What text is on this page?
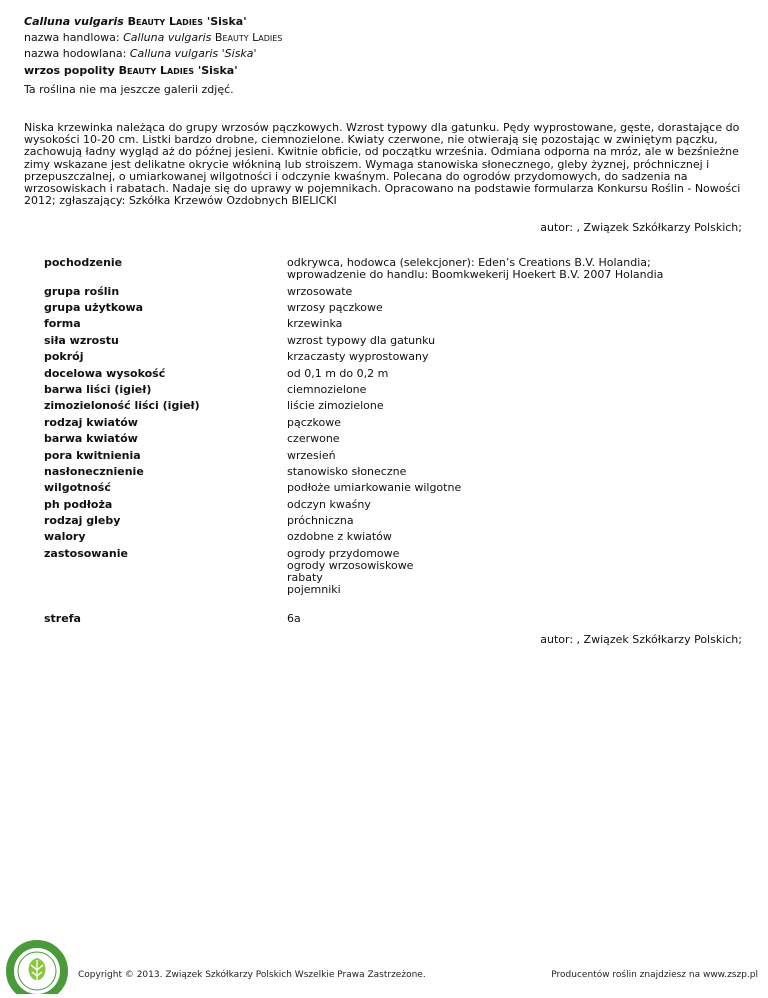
Calluna vulgaris Beauty Ladies 'Siska'
nazwa handlowa: Calluna vulgaris Beauty Ladies
nazwa hodowlana: Calluna vulgaris 'Siska'
wrzos popolity Beauty Ladies 'Siska'
Ta roślina nie ma jeszcze galerii zdjęć.
Niska krzewinka należąca do grupy wrzosów pączkowych. Wzrost typowy dla gatunku. Pędy wyprostowane, gęste, dorastające do wysokości 10-20 cm. Listki bardzo drobne, ciemnozielone. Kwiaty czerwone, nie otwierają się pozostając w zwiniętym pączku, zachowują ładny wygląd aż do późnej jesieni. Kwitnie obficie, od początku września. Odmiana odporna na mróz, ale w bezśnieżne zimy wskazane jest delikatne okrycie włókniną lub stroiszem. Wymaga stanowiska słonecznego, gleby żyznej, próchnicznej i przepuszczalnej, o umiarkowanej wilgotności i odczynie kwaśnym. Polecana do ogrodów przydomowych, do sadzenia na wrzosowiskach i rabatach. Nadaje się do uprawy w pojemnikach. Opracowano na podstawie formularza Konkursu Roślin - Nowości 2012; zgłaszający: Szkółka Krzewów Ozdobnych BIELICKI
autor: , Związek Szkółkarzy Polskich;
pochodzenie	odkrywca, hodowca (selekcjoner): Eden’s Creations B.V. Holandia;
wprowadzenie do handlu: Boomkwekerij Hoekert B.V. 2007 Holandia
grupa roślin	wrzosowate
grupa użytkowa	wrzosy pączkowe
forma	krzewinka
siła wzrostu	wzrost typowy dla gatunku
pokrój	krzaczasty wyprostowany
docelowa wysokość	od 0,1 m do 0,2 m
barwa liści (igieł)	ciemnozielone
zimozieloność liści (igieł)	liście zimozielone
rodzaj kwiatów	pączkowe
barwa kwiatów	czerwone
pora kwitnienia	wrzesień
nasłonecznienie	stanowisko słoneczne
wilgotność	podłoże umiarkowanie wilgotne
ph podłoża	odczyn kwaśny
rodzaj gleby	próchniczna
walory	ozdobne z kwiatów
zastosowanie	ogrody przydomowe
ogrody wrzosowiskowe
rabaty
pojemniki
strefa	6a
autor: , Związek Szkółkarzy Polskich;
Copyright © 2013. Związek Szkółkarzy Polskich Wszelkie Prawa Zastrzeżone.	Producentów roślin znajdziesz na www.zszp.pl
